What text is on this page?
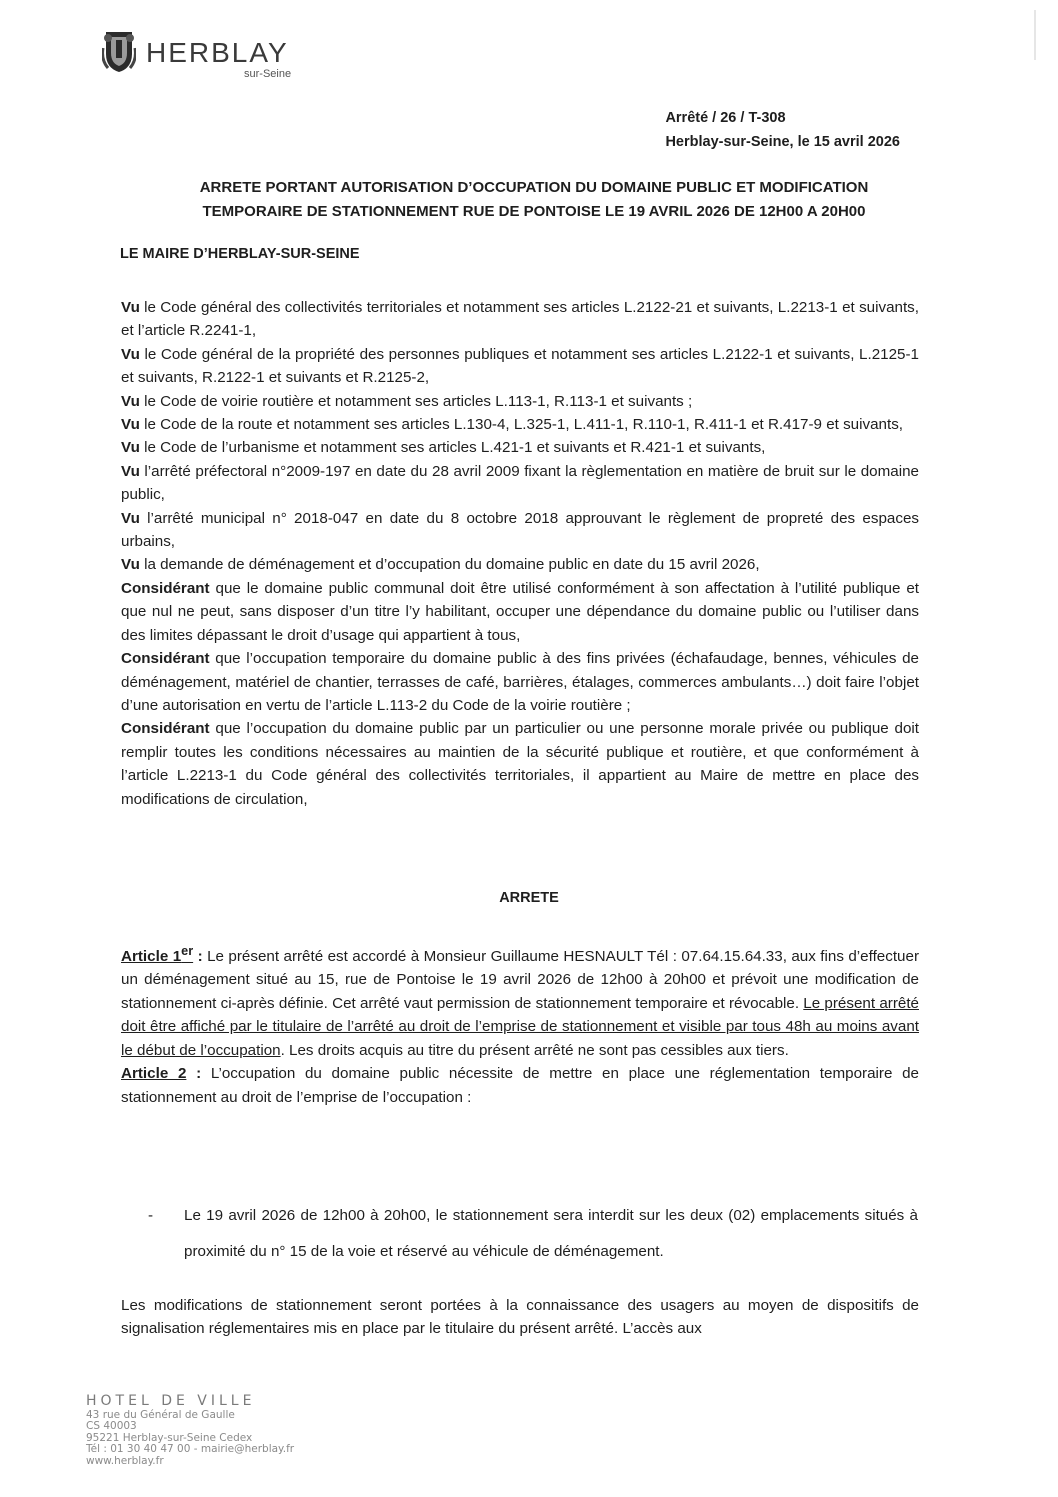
HERBLAY
sur-Seine
Arrêté / 26 / T-308
Herblay-sur-Seine, le 15 avril 2026
ARRETE PORTANT AUTORISATION D’OCCUPATION DU DOMAINE PUBLIC ET MODIFICATION
TEMPORAIRE DE STATIONNEMENT RUE DE PONTOISE LE 19 AVRIL 2026 DE 12H00 A 20H00
LE MAIRE D’HERBLAY-SUR-SEINE

Vu le Code général des collectivités territoriales et notamment ses articles L.2122-21 et suivants, L.2213-1 et suivants, et l’article R.2241-1,

Vu le Code général de la propriété des personnes publiques et notamment ses articles L.2122-1 et suivants, L.2125-1 et suivants, R.2122-1 et suivants et R.2125-2,

Vu le Code de voirie routière et notamment ses articles L.113-1, R.113-1 et suivants ;

Vu le Code de la route et notamment ses articles L.130-4, L.325-1, L.411-1, R.110-1, R.411-1 et R.417-9 et suivants,

Vu le Code de l’urbanisme et notamment ses articles L.421-1 et suivants et R.421-1 et suivants,

Vu l’arrêté préfectoral n°2009-197 en date du 28 avril 2009 fixant la règlementation en matière de bruit sur le domaine public,

Vu l’arrêté municipal n° 2018-047 en date du 8 octobre 2018 approuvant le règlement de propreté des espaces urbains,

Vu la demande de déménagement et d’occupation du domaine public en date du 15 avril 2026,

Considérant que le domaine public communal doit être utilisé conformément à son affectation à l’utilité publique et que nul ne peut, sans disposer d’un titre l’y habilitant, occuper une dépendance du domaine public ou l’utiliser dans des limites dépassant le droit d’usage qui appartient à tous,

Considérant que l’occupation temporaire du domaine public à des fins privées (échafaudage, bennes, véhicules de déménagement, matériel de chantier, terrasses de café, barrières, étalages, commerces ambulants…) doit faire l’objet d’une autorisation en vertu de l’article L.113-2 du Code de la voirie routière ;

Considérant que l’occupation du domaine public par un particulier ou une personne morale privée ou publique doit remplir toutes les conditions nécessaires au maintien de la sécurité publique et routière, et que conformément à l’article L.2213-1 du Code général des collectivités territoriales, il appartient au Maire de mettre en place des modifications de circulation,

ARRETE

Article 1er : Le présent arrêté est accordé à Monsieur Guillaume HESNAULT Tél : 07.64.15.64.33, aux fins d’effectuer un déménagement situé au 15, rue de Pontoise le 19 avril 2026 de 12h00 à 20h00 et prévoit une modification de stationnement ci-après définie. Cet arrêté vaut permission de stationnement temporaire et révocable. Le présent arrêté doit être affiché par le titulaire de l’arrêté au droit de l’emprise de stationnement et visible par tous 48h au moins avant le début de l’occupation. Les droits acquis au titre du présent arrêté ne sont pas cessibles aux tiers.

Article 2 : L’occupation du domaine public nécessite de mettre en place une réglementation temporaire de stationnement au droit de l’emprise de l’occupation :

- Le 19 avril 2026 de 12h00 à 20h00, le stationnement sera interdit sur les deux (02) emplacements situés à proximité du n° 15 de la voie et réservé au véhicule de déménagement.
Les modifications de stationnement seront portées à la connaissance des usagers au moyen de dispositifs de signalisation réglementaires mis en place par le titulaire du présent arrêté. L’accès aux
HOTEL DE VILLE
43 rue du Général de Gaulle
CS 40003
95221 Herblay-sur-Seine Cedex
Tél : 01 30 40 47 00 - mairie@herblay.fr
www.herblay.fr
